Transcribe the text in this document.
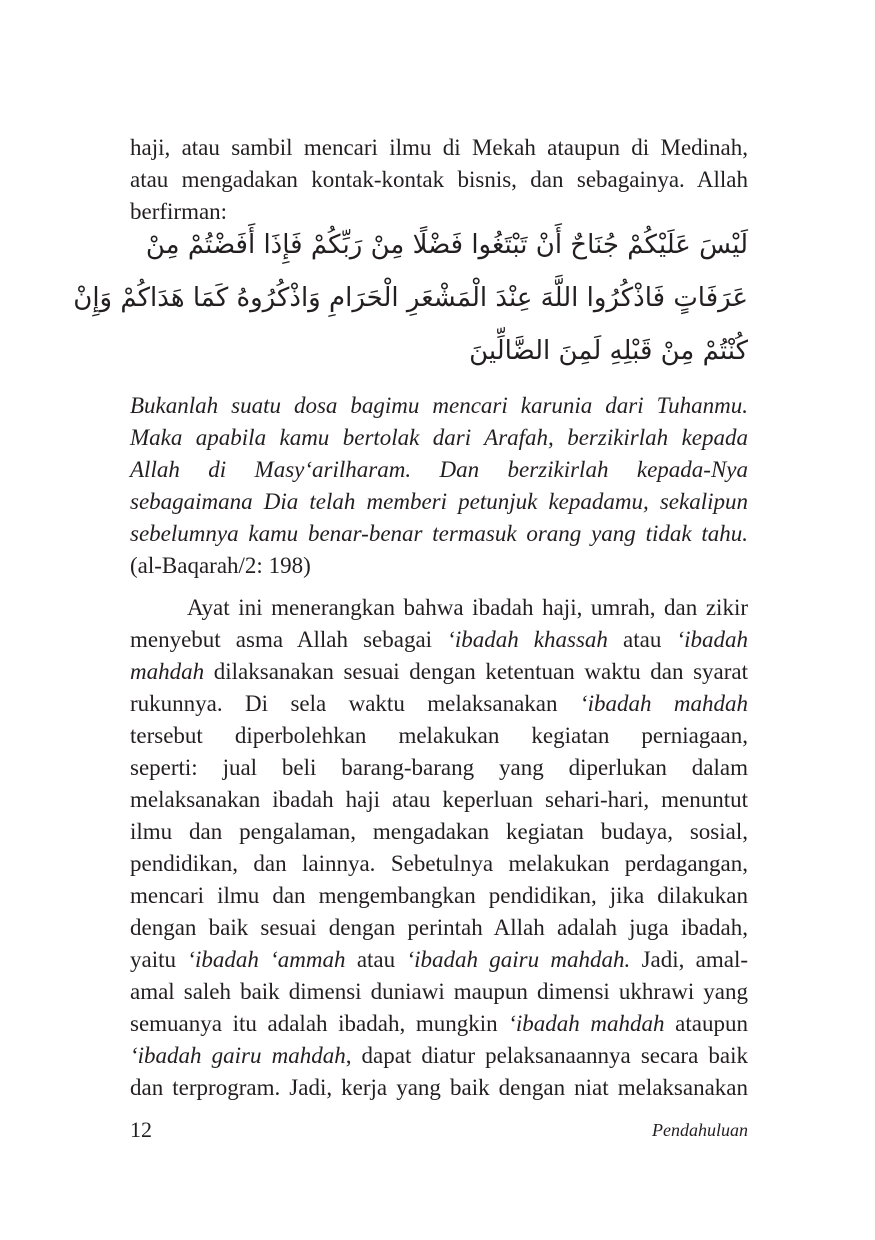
haji, atau sambil mencari ilmu di Mekah ataupun di Medinah,
atau mengadakan kontak-kontak bisnis, dan sebagainya. Allah
berfirman:
لَيْسَ عَلَيْكُمْ جُنَاحٌ أَنْ تَبْتَغُوا فَضْلًا مِنْ رَبِّكُمْ فَإِذَا أَفَضْتُمْ مِنْ
عَرَفَاتٍ فَاذْكُرُوا اللَّهَ عِنْدَ الْمَشْعَرِ الْحَرَامِ وَاذْكُرُوهُ كَمَا هَدَاكُمْ وَإِنْ
كُنْتُمْ مِنْ قَبْلِهِ لَمِنَ الضَّالِّينَ
Bukanlah suatu dosa bagimu mencari karunia dari Tuhanmu.
Maka apabila kamu bertolak dari Arafah, berzikirlah kepada
Allah di Masy‘arilharam. Dan berzikirlah kepada-Nya
sebagaimana Dia telah memberi petunjuk kepadamu, sekalipun
sebelumnya kamu benar-benar termasuk orang yang tidak tahu.
(al-Baqarah/2: 198)
Ayat ini menerangkan bahwa ibadah haji, umrah, dan zikir
menyebut asma Allah sebagai ‘ibadah khassah atau ‘ibadah
mahdah dilaksanakan sesuai dengan ketentuan waktu dan syarat
rukunnya. Di sela waktu melaksanakan ‘ibadah mahdah
tersebut diperbolehkan melakukan kegiatan perniagaan,
seperti: jual beli barang-barang yang diperlukan dalam
melaksanakan ibadah haji atau keperluan sehari-hari, menuntut
ilmu dan pengalaman, mengadakan kegiatan budaya, sosial,
pendidikan, dan lainnya. Sebetulnya melakukan perdagangan,
mencari ilmu dan mengembangkan pendidikan, jika dilakukan
dengan baik sesuai dengan perintah Allah adalah juga ibadah,
yaitu ‘ibadah ‘ammah atau ‘ibadah gairu mahdah. Jadi, amal-
amal saleh baik dimensi duniawi maupun dimensi ukhrawi yang
semuanya itu adalah ibadah, mungkin ‘ibadah mahdah ataupun
‘ibadah gairu mahdah, dapat diatur pelaksanaannya secara baik
dan terprogram. Jadi, kerja yang baik dengan niat melaksanakan
12	Pendahuluan
